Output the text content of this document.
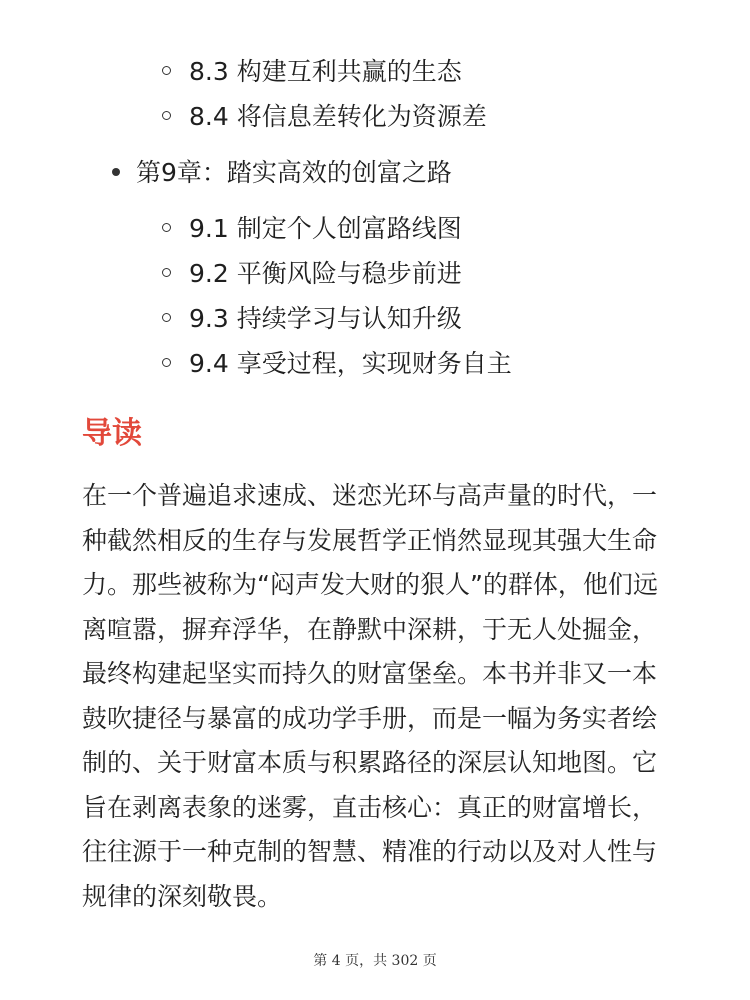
8.3 构建互利共赢的生态
8.4 将信息差转化为资源差
第9章：踏实高效的创富之路
9.1 制定个人创富路线图
9.2 平衡风险与稳步前进
9.3 持续学习与认知升级
9.4 享受过程，实现财务自主
导读

在一个普遍追求速成、迷恋光环与高声量的时代，一种截然相反的生存与发展哲学正悄然显现其强大生命力。那些被称为“闷声发大财的狠人”的群体，他们远离喧嚣，摒弃浮华，在静默中深耕，于无人处掘金，最终构建起坚实而持久的财富堡垒。本书并非又一本鼓吹捷径与暴富的成功学手册，而是一幅为务实者绘制的、关于财富本质与积累路径的深层认知地图。它旨在剥离表象的迷雾，直击核心：真正的财富增长，往往源于一种克制的智慧、精准的行动以及对人性与规律的深刻敬畏。

第 4 页，共 302 页
